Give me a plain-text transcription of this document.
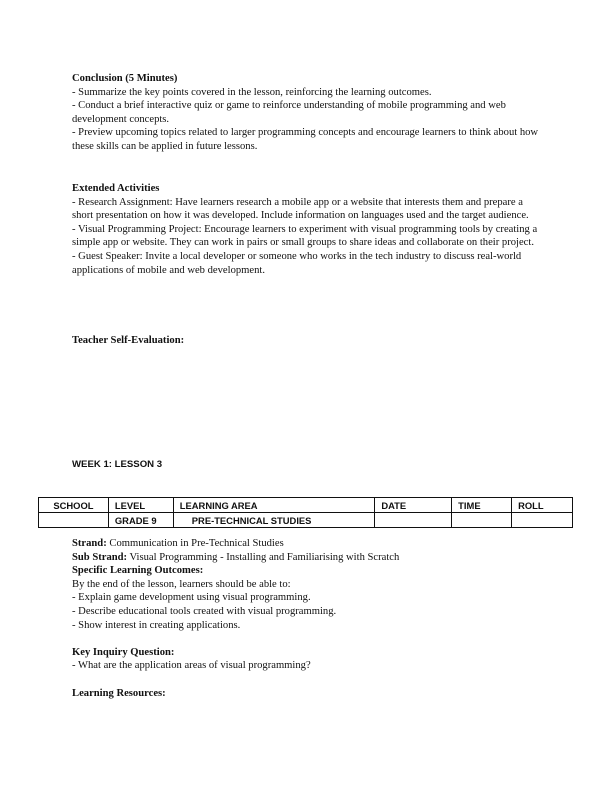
Conclusion (5 Minutes)

- Summarize the key points covered in the lesson, reinforcing the learning outcomes.

- Conduct a brief interactive quiz or game to reinforce understanding of mobile programming and web development concepts.

- Preview upcoming topics related to larger programming concepts and encourage learners to think about how these skills can be applied in future lessons.

Extended Activities

- Research Assignment: Have learners research a mobile app or a website that interests them and prepare a short presentation on how it was developed. Include information on languages used and the target audience.

- Visual Programming Project: Encourage learners to experiment with visual programming tools by creating a simple app or website. They can work in pairs or small groups to share ideas and collaborate on their project.

- Guest Speaker: Invite a local developer or someone who works in the tech industry to discuss real-world applications of mobile and web development.

Teacher Self-Evaluation:
WEEK 1: LESSON 3
SCHOOL	LEVEL	LEARNING AREA	DATE	TIME	ROLL
	GRADE 9	PRE-TECHNICAL STUDIES			

Strand: Communication in Pre-Technical Studies

Sub Strand: Visual Programming - Installing and Familiarising with Scratch

Specific Learning Outcomes:

By the end of the lesson, learners should be able to:

- Explain game development using visual programming.

- Describe educational tools created with visual programming.

- Show interest in creating applications.

Key Inquiry Question:

- What are the application areas of visual programming?

Learning Resources:
